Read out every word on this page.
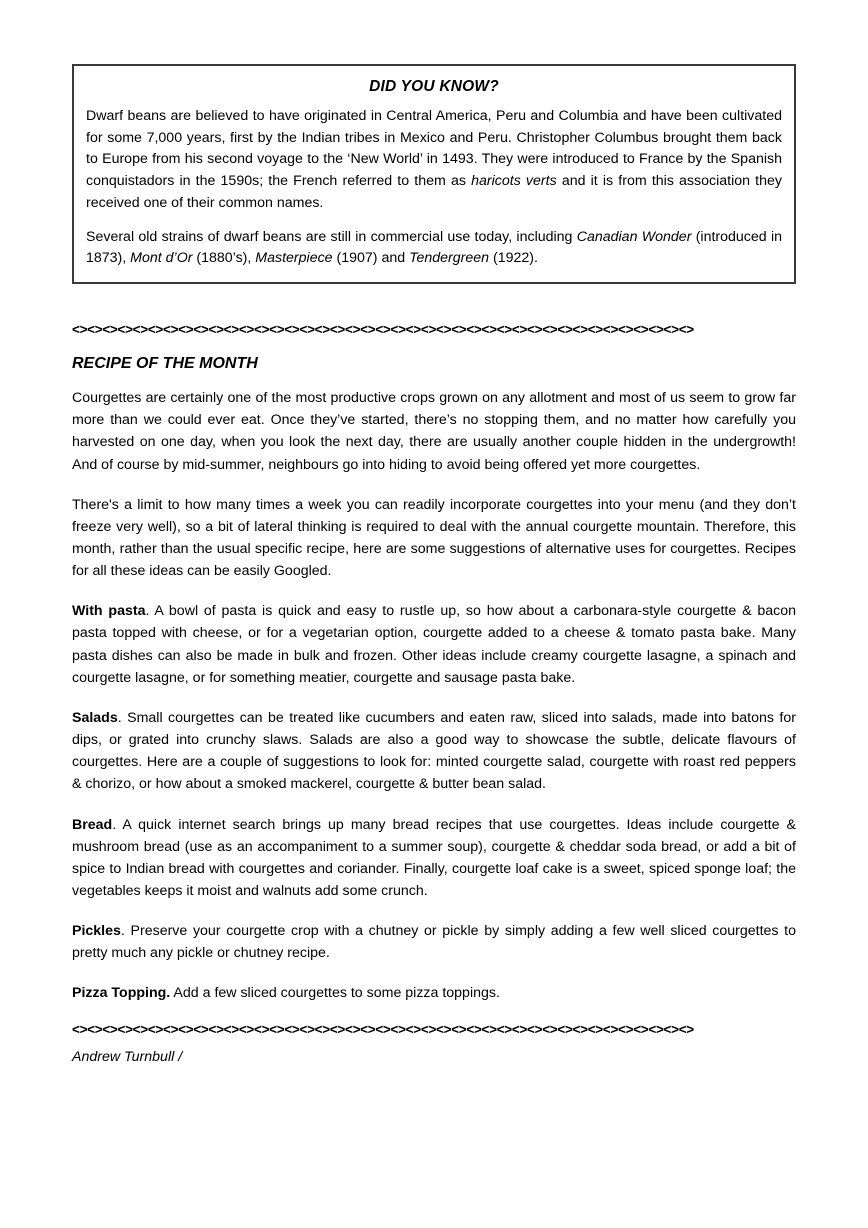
DID YOU KNOW?

Dwarf beans are believed to have originated in Central America, Peru and Columbia and have been cultivated for some 7,000 years, first by the Indian tribes in Mexico and Peru. Christopher Columbus brought them back to Europe from his second voyage to the ‘New World’ in 1493. They were introduced to France by the Spanish conquistadors in the 1590s; the French referred to them as haricots verts and it is from this association they received one of their common names.

Several old strains of dwarf beans are still in commercial use today, including Canadian Wonder (introduced in 1873), Mont d’Or (1880’s), Masterpiece (1907) and Tendergreen (1922).

<><><><><><><><><><><><><><><><><><><><><><><><><><><><><><><><><><><><><><><><><>
RECIPE OF THE MONTH

Courgettes are certainly one of the most productive crops grown on any allotment and most of us seem to grow far more than we could ever eat. Once they’ve started, there’s no stopping them, and no matter how carefully you harvested on one day, when you look the next day, there are usually another couple hidden in the undergrowth! And of course by mid-summer, neighbours go into hiding to avoid being offered yet more courgettes.

There's a limit to how many times a week you can readily incorporate courgettes into your menu (and they don’t freeze very well), so a bit of lateral thinking is required to deal with the annual courgette mountain. Therefore, this month, rather than the usual specific recipe, here are some suggestions of alternative uses for courgettes. Recipes for all these ideas can be easily Googled.

With pasta. A bowl of pasta is quick and easy to rustle up, so how about a carbonara-style courgette & bacon pasta topped with cheese, or for a vegetarian option, courgette added to a cheese & tomato pasta bake. Many pasta dishes can also be made in bulk and frozen. Other ideas include creamy courgette lasagne, a spinach and courgette lasagne, or for something meatier, courgette and sausage pasta bake.

Salads. Small courgettes can be treated like cucumbers and eaten raw, sliced into salads, made into batons for dips, or grated into crunchy slaws. Salads are also a good way to showcase the subtle, delicate flavours of courgettes. Here are a couple of suggestions to look for: minted courgette salad, courgette with roast red peppers & chorizo, or how about a smoked mackerel, courgette & butter bean salad.

Bread. A quick internet search brings up many bread recipes that use courgettes. Ideas include courgette & mushroom bread (use as an accompaniment to a summer soup), courgette & cheddar soda bread, or add a bit of spice to Indian bread with courgettes and coriander. Finally, courgette loaf cake is a sweet, spiced sponge loaf; the vegetables keeps it moist and walnuts add some crunch.

Pickles. Preserve your courgette crop with a chutney or pickle by simply adding a few well sliced courgettes to pretty much any pickle or chutney recipe.

Pizza Topping. Add a few sliced courgettes to some pizza toppings.

<><><><><><><><><><><><><><><><><><><><><><><><><><><><><><><><><><><><><><><><><>
Andrew Turnbull /
